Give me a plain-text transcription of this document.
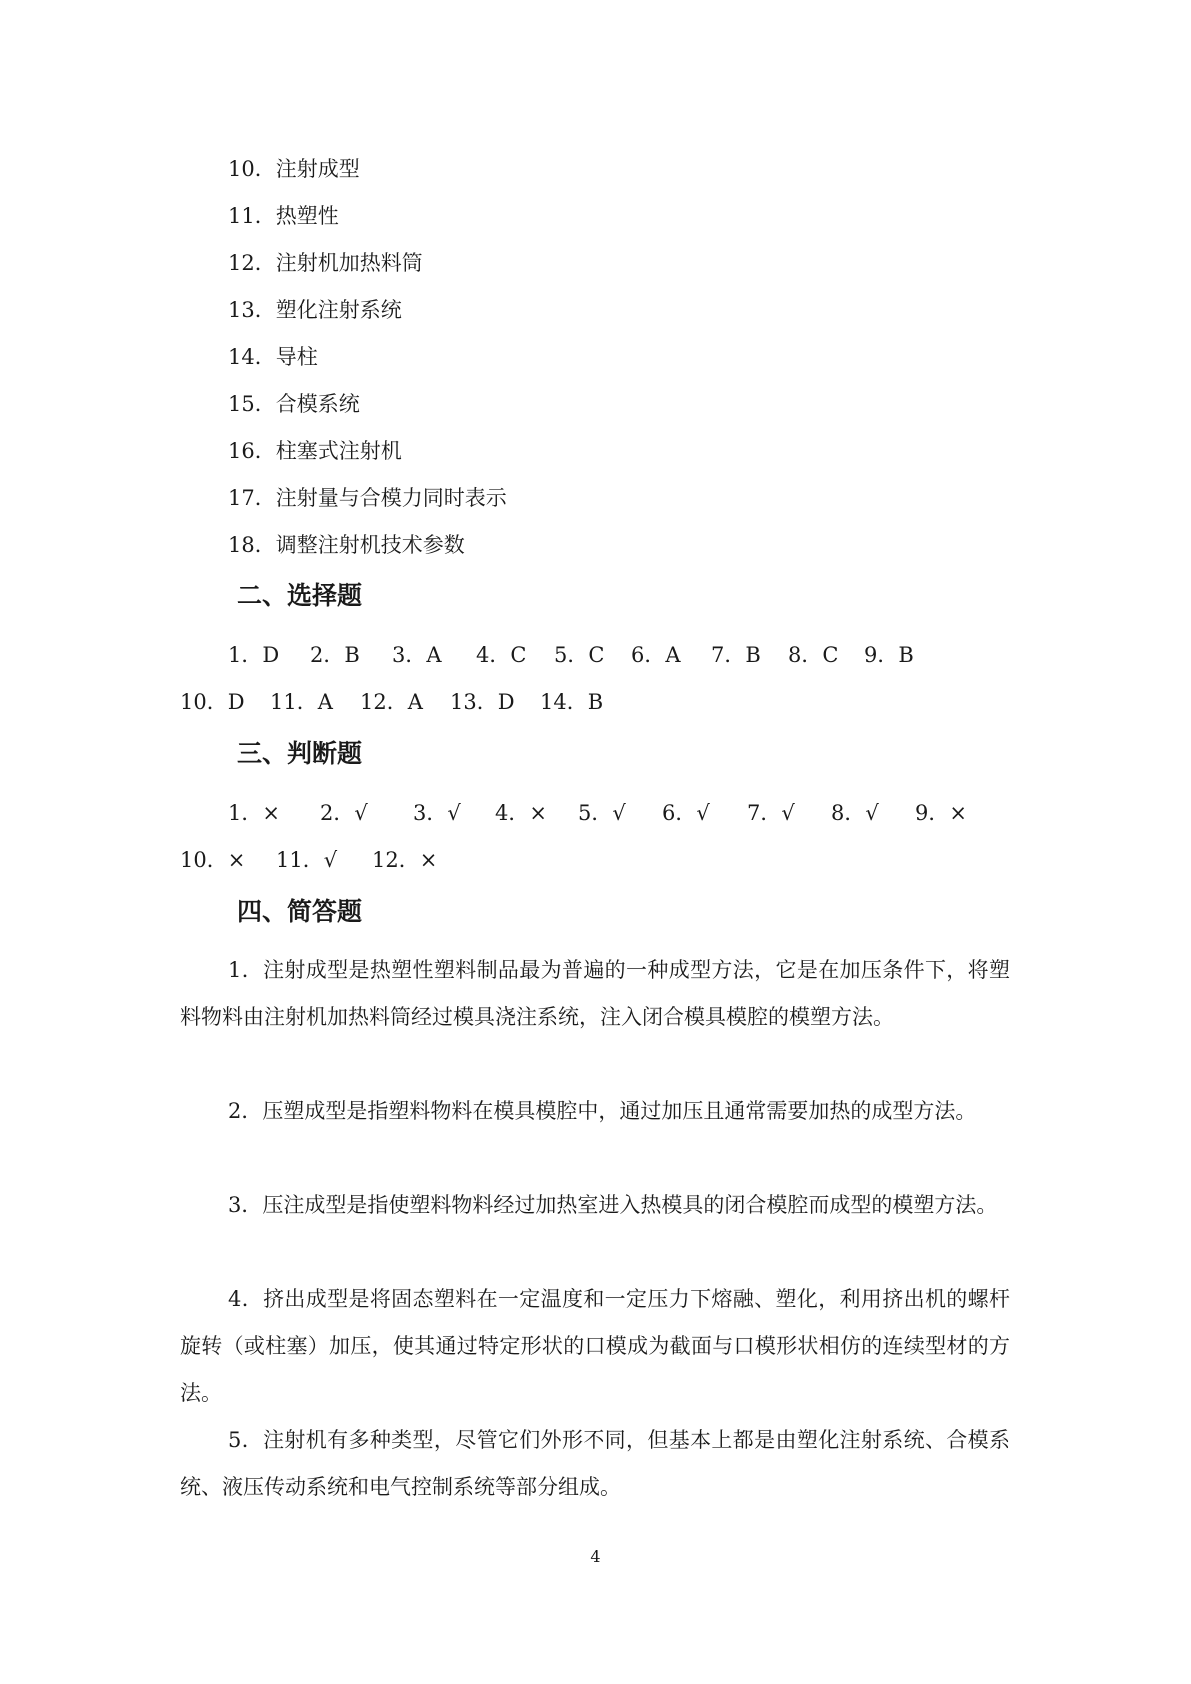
10．注射成型
11．热塑性
12．注射机加热料筒
13．塑化注射系统
14．导柱
15．合模系统
16．柱塞式注射机
17．注射量与合模力同时表示
18．调整注射机技术参数
二、选择题
1．D	2．B	3．A	4．C	5．C	6．A	7．B	8．C	9．B
10．D	11．A	12．A	13．D	14．B
三、判断题
1．×	2．√	3．√	4．×	5．√	6．√	7．√	8．√	9．×
10．×	11．√	12．×
四、简答题

1．注射成型是热塑性塑料制品最为普遍的一种成型方法，它是在加压条件下，将塑料物料由注射机加热料筒经过模具浇注系统，注入闭合模具模腔的模塑方法。

2．压塑成型是指塑料物料在模具模腔中，通过加压且通常需要加热的成型方法。

3．压注成型是指使塑料物料经过加热室进入热模具的闭合模腔而成型的模塑方法。

4．挤出成型是将固态塑料在一定温度和一定压力下熔融、塑化，利用挤出机的螺杆旋转（或柱塞）加压，使其通过特定形状的口模成为截面与口模形状相仿的连续型材的方法。

5．注射机有多种类型，尽管它们外形不同，但基本上都是由塑化注射系统、合模系统、液压传动系统和电气控制系统等部分组成。

4
